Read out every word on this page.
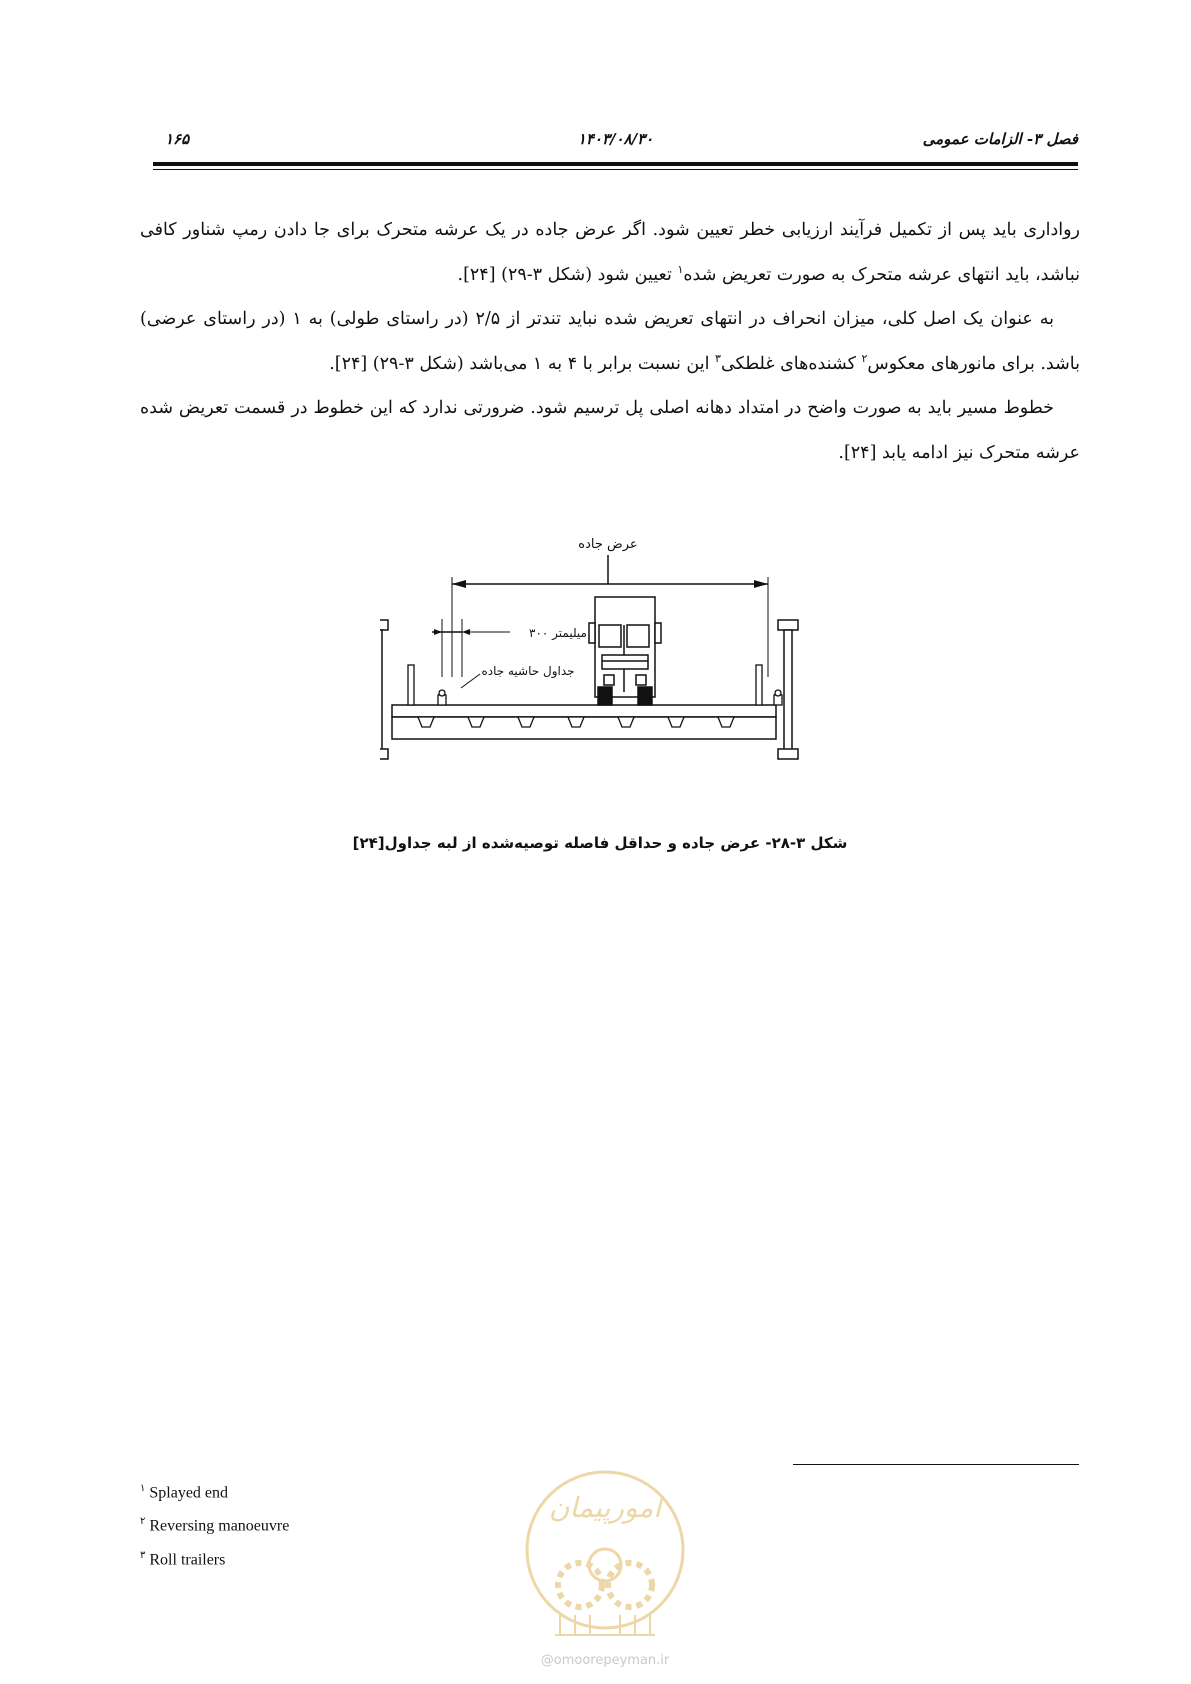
فصل ۳- الزامات عمومی
۱۴۰۳/۰۸/۳۰
۱۶۵

رواداری باید پس از تکمیل فرآیند ارزیابی خطر تعیین شود. اگر عرض جاده در یک عرشه متحرک برای جا دادن رمپ شناور کافی نباشد، باید انتهای عرشه متحرک به صورت تعریض شده$^۱$ تعیین شود (شکل ۳-۲۹) [۲۴].

به عنوان یک اصل کلی، میزان انحراف در انتهای تعریض شده نباید تندتر از ۲/۵ (در راستای طولی) به ۱ (در راستای عرضی) باشد. برای مانورهای معکوس$^۲$ کشنده‌های غلطکی$^۳$ این نسبت برابر با ۴ به ۱ می‌باشد (شکل ۳-۲۹) [۲۴].

خطوط مسیر باید به صورت واضح در امتداد دهانه اصلی پل ترسیم شود. ضرورتی ندارد که این خطوط در قسمت تعریض شده عرشه متحرک نیز ادامه یابد [۲۴].

عرض جاده
میلیمتر ۳۰۰
جداول حاشیه جاده
شکل ۳-۲۸- عرض جاده و حداقل فاصله توصیه‌شده از لبه جداول[۲۴]
$^۱$ Splayed end
$^۲$ Reversing manoeuvre
$^۳$ Roll trailers
امورپیمان
@omoorepeyman.ir
